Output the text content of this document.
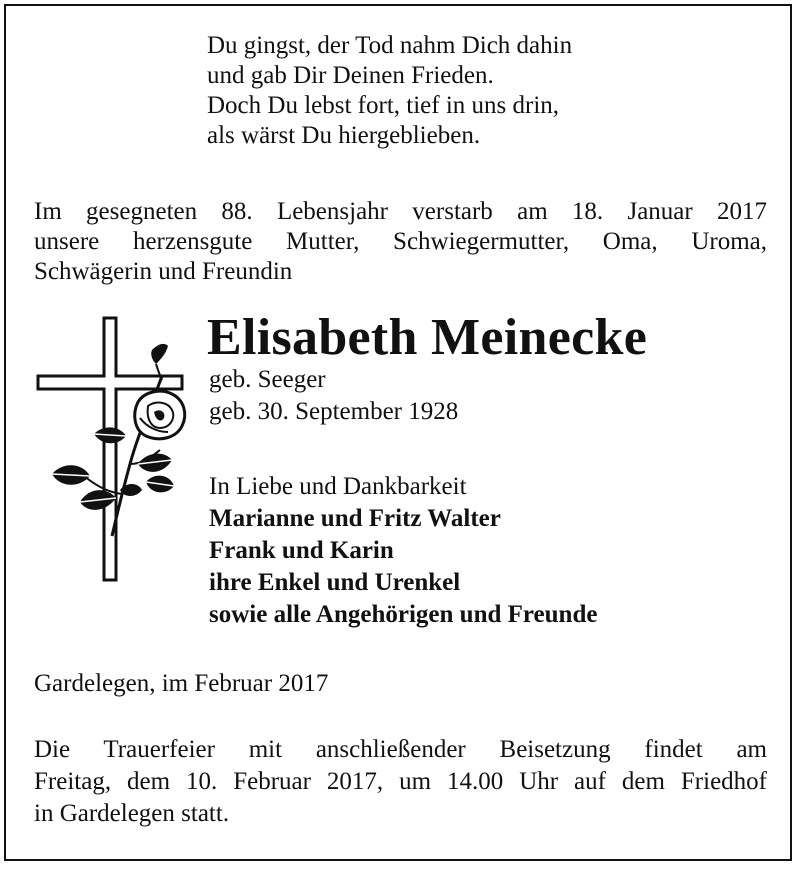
Du gingst, der Tod nahm Dich dahin
und gab Dir Deinen Frieden.
Doch Du lebst fort, tief in uns drin,
als wärst Du hiergeblieben.
Im gesegneten 88. Lebensjahr verstarb am 18. Januar 2017
unsere herzensgute Mutter, Schwiegermutter, Oma, Uroma,
Schwägerin und Freundin
Elisabeth Meinecke
geb. Seeger
geb. 30. September 1928
In Liebe und Dankbarkeit
Marianne und Fritz Walter
Frank und Karin
ihre Enkel und Urenkel
sowie alle Angehörigen und Freunde
Gardelegen, im Februar 2017
Die Trauerfeier mit anschließender Beisetzung findet am
Freitag, dem 10. Februar 2017, um 14.00 Uhr auf dem Friedhof
in Gardelegen statt.
